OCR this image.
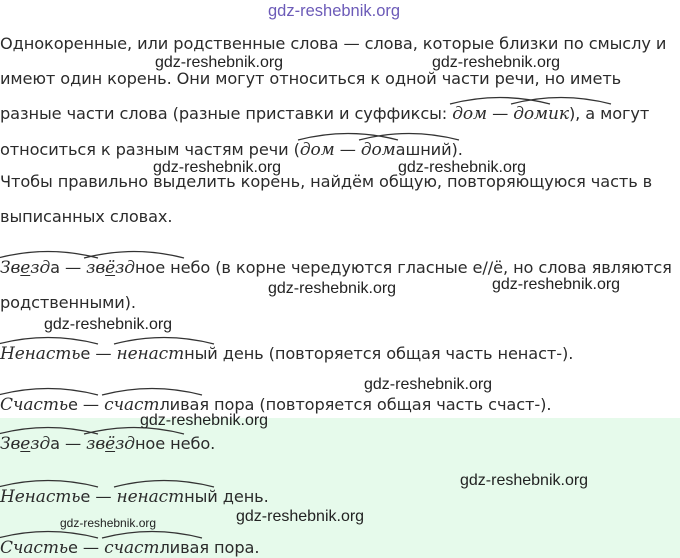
Однокоренные, или родственные слова — слова, которые близки по смыслу и
имеют один корень. Они могут относиться к одной части речи, но иметь
разные части слова (разные приставки и суффиксы:
дом —
домик), а могут
относиться к разным частям речи (
дом —
домашний).
Чтобы правильно выделить корень, найдём общую, повторяющуюся часть в
выписанных словах.
Звезда —
звёздное небо (в корне чередуются гласные е//ё, но слова являются
родственными).
Ненастье —
ненастный день (повторяется общая часть ненаст-).
Счастье —
счастливая пора (повторяется общая часть счаст-).
Звезда —
звёздное небо.
Ненастье —
ненастный день.
Счастье —
счастливая пора.
gdz-reshebnik.org
gdz-reshebnik.org	gdz-reshebnik.org
gdz-reshebnik.org	gdz-reshebnik.org
gdz-reshebnik.org	gdz-reshebnik.org
gdz-reshebnik.org
gdz-reshebnik.org
gdz-reshebnik.org
gdz-reshebnik.org
gdz-reshebnik.org	gdz-reshebnik.org
